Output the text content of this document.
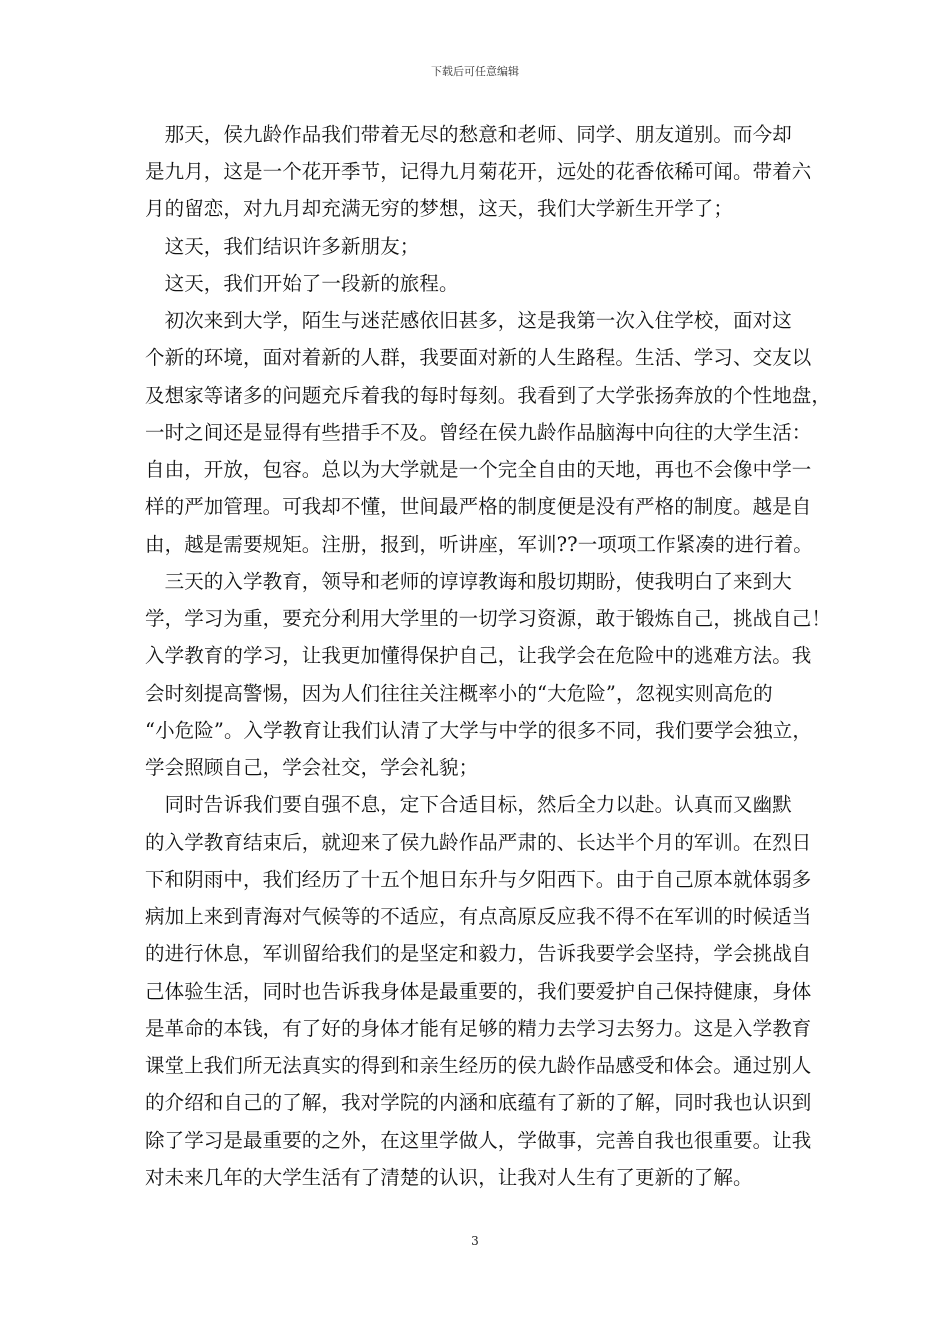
下载后可任意编辑
　那天，侯九龄作品我们带着无尽的愁意和老师、同学、朋友道别。而今却
是九月，这是一个花开季节，记得九月菊花开，远处的花香依稀可闻。带着六
月的留恋，对九月却充满无穷的梦想，这天，我们大学新生开学了；
　这天，我们结识许多新朋友；
　这天，我们开始了一段新的旅程。
　初次来到大学，陌生与迷茫感依旧甚多，这是我第一次入住学校，面对这
个新的环境，面对着新的人群，我要面对新的人生路程。生活、学习、交友以
及想家等诸多的问题充斥着我的每时每刻。我看到了大学张扬奔放的个性地盘，
一时之间还是显得有些措手不及。曾经在侯九龄作品脑海中向往的大学生活：
自由，开放，包容。总以为大学就是一个完全自由的天地，再也不会像中学一
样的严加管理。可我却不懂，世间最严格的制度便是没有严格的制度。越是自
由，越是需要规矩。注册，报到，听讲座，军训??一项项工作紧凑的进行着。
　三天的入学教育，领导和老师的谆谆教诲和殷切期盼，使我明白了来到大
学，学习为重，要充分利用大学里的一切学习资源，敢于锻炼自己，挑战自己！
入学教育的学习，让我更加懂得保护自己，让我学会在危险中的逃难方法。我
会时刻提高警惕，因为人们往往关注概率小的“大危险”，忽视实则高危的
“小危险”。入学教育让我们认清了大学与中学的很多不同，我们要学会独立，
学会照顾自己，学会社交，学会礼貌；
　同时告诉我们要自强不息，定下合适目标，然后全力以赴。认真而又幽默
的入学教育结束后，就迎来了侯九龄作品严肃的、长达半个月的军训。在烈日
下和阴雨中，我们经历了十五个旭日东升与夕阳西下。由于自己原本就体弱多
病加上来到青海对气候等的不适应，有点高原反应我不得不在军训的时候适当
的进行休息，军训留给我们的是坚定和毅力，告诉我要学会坚持，学会挑战自
己体验生活，同时也告诉我身体是最重要的，我们要爱护自己保持健康，身体
是革命的本钱，有了好的身体才能有足够的精力去学习去努力。这是入学教育
课堂上我们所无法真实的得到和亲生经历的侯九龄作品感受和体会。通过别人
的介绍和自己的了解，我对学院的内涵和底蕴有了新的了解，同时我也认识到
除了学习是最重要的之外，在这里学做人，学做事，完善自我也很重要。让我
对未来几年的大学生活有了清楚的认识，让我对人生有了更新的了解。
3
